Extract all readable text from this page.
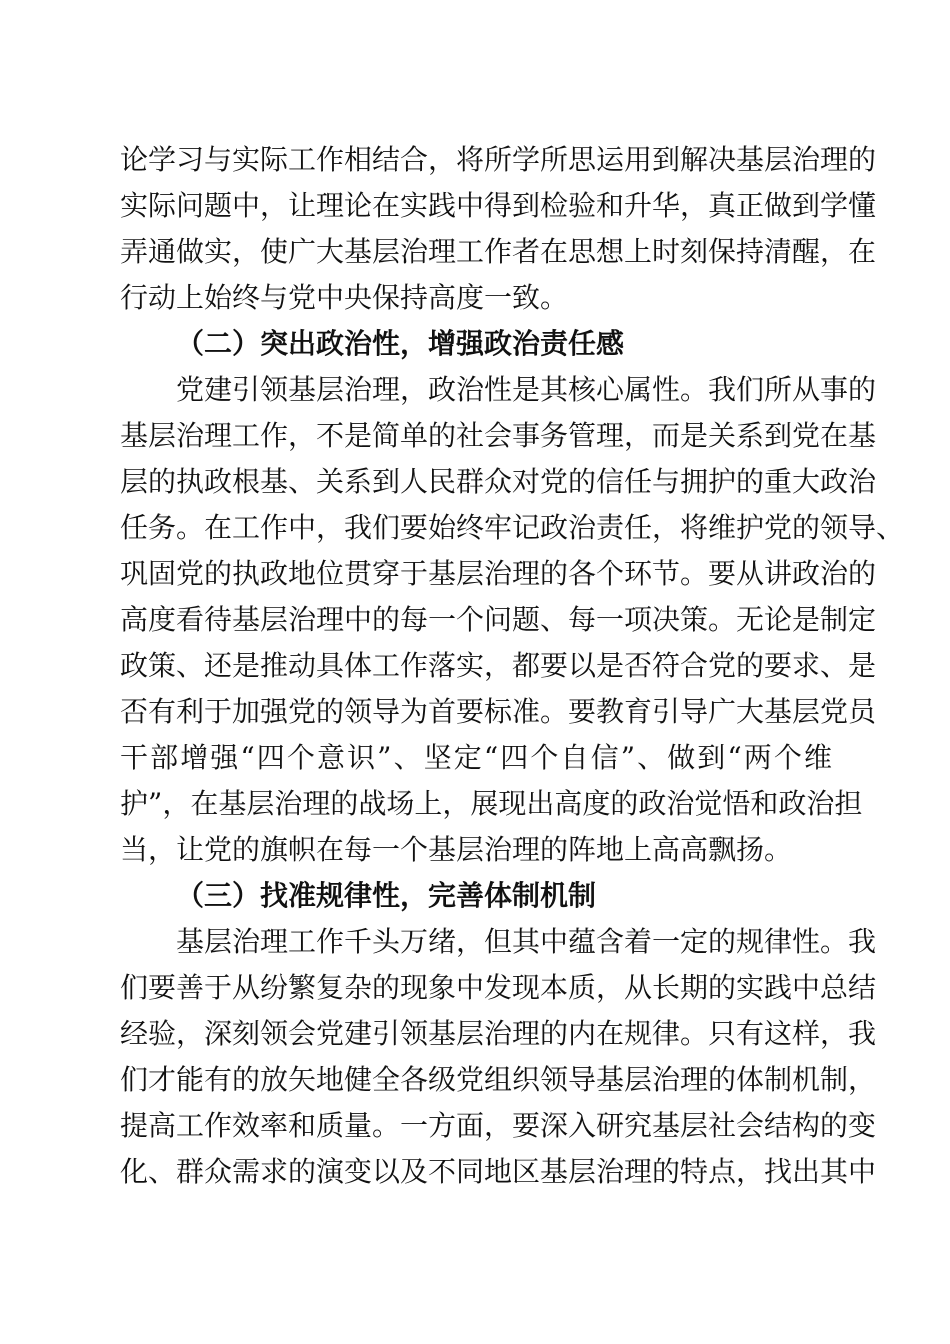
论学习与实际工作相结合，将所学所思运用到解决基层治理的
实际问题中，让理论在实践中得到检验和升华，真正做到学懂
弄通做实，使广大基层治理工作者在思想上时刻保持清醒，在
行动上始终与党中央保持高度一致。
（二）突出政治性，增强政治责任感
党建引领基层治理，政治性是其核心属性。我们所从事的
基层治理工作，不是简单的社会事务管理，而是关系到党在基
层的执政根基、关系到人民群众对党的信任与拥护的重大政治
任务。在工作中，我们要始终牢记政治责任，将维护党的领导、
巩固党的执政地位贯穿于基层治理的各个环节。要从讲政治的
高度看待基层治理中的每一个问题、每一项决策。无论是制定
政策、还是推动具体工作落实，都要以是否符合党的要求、是
否有利于加强党的领导为首要标准。要教育引导广大基层党员
干部增强“四个意识”、坚定“四个自信”、做到“两个维
护”，在基层治理的战场上，展现出高度的政治觉悟和政治担
当，让党的旗帜在每一个基层治理的阵地上高高飘扬。
（三）找准规律性，完善体制机制
基层治理工作千头万绪，但其中蕴含着一定的规律性。我
们要善于从纷繁复杂的现象中发现本质，从长期的实践中总结
经验，深刻领会党建引领基层治理的内在规律。只有这样，我
们才能有的放矢地健全各级党组织领导基层治理的体制机制，
提高工作效率和质量。一方面，要深入研究基层社会结构的变
化、群众需求的演变以及不同地区基层治理的特点，找出其中
